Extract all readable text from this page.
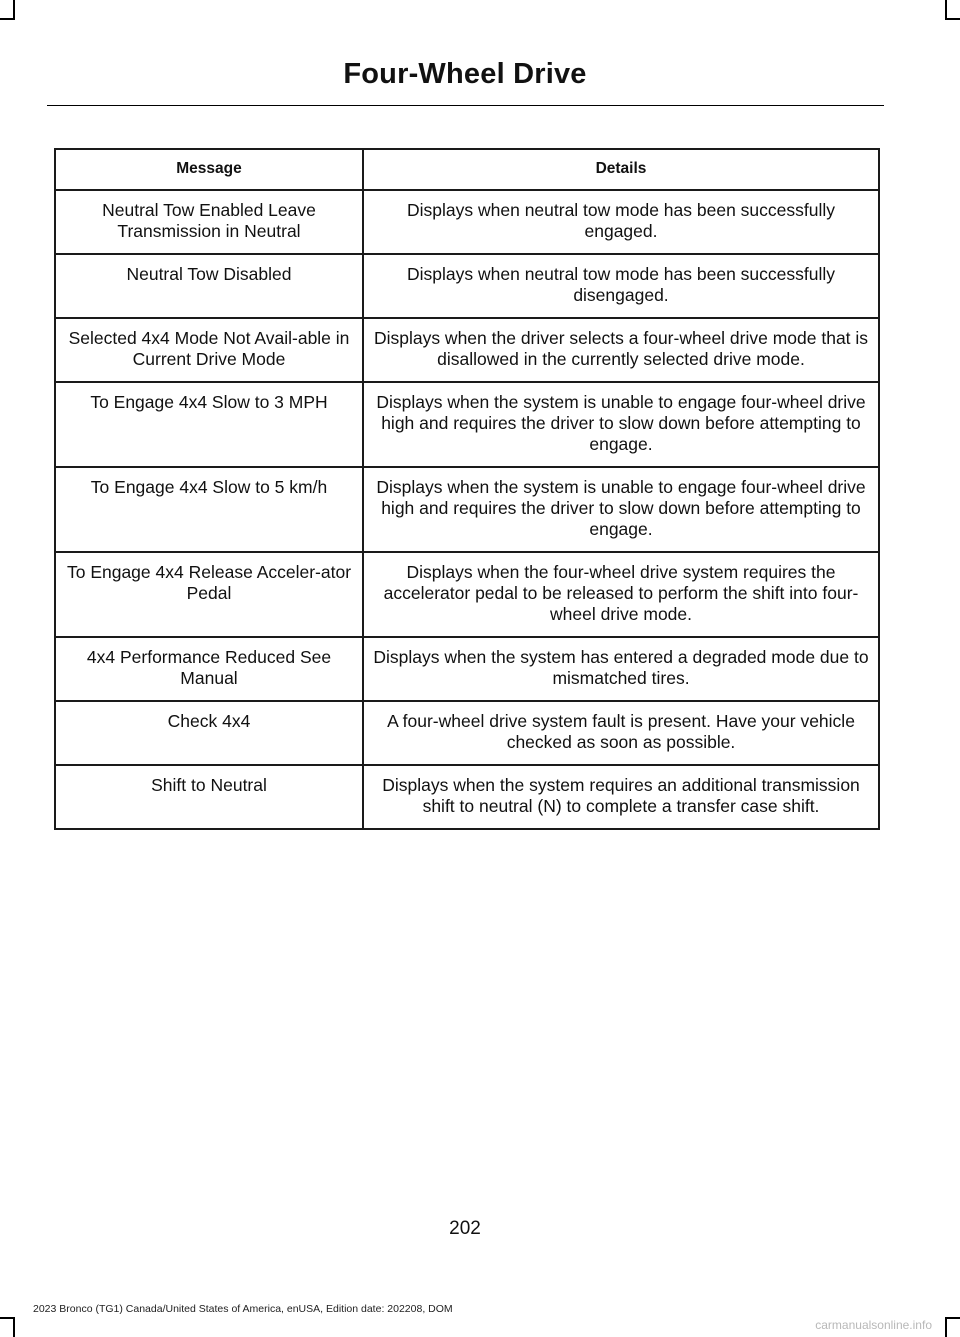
Four-Wheel Drive
Message	Details
Neutral Tow Enabled Leave Transmission in Neutral	Displays when neutral tow mode has been successfully engaged.
Neutral Tow Disabled	Displays when neutral tow mode has been successfully disengaged.
Selected 4x4 Mode Not Avail-able in Current Drive Mode	Displays when the driver selects a four-wheel drive mode that is disallowed in the currently selected drive mode.
To Engage 4x4 Slow to 3 MPH	Displays when the system is unable to engage four-wheel drive high and requires the driver to slow down before attempting to engage.
To Engage 4x4 Slow to 5 km/h	Displays when the system is unable to engage four-wheel drive high and requires the driver to slow down before attempting to engage.
To Engage 4x4 Release Acceler-ator Pedal	Displays when the four-wheel drive system requires the accelerator pedal to be released to perform the shift into four-wheel drive mode.
4x4 Performance Reduced See Manual	Displays when the system has entered a degraded mode due to mismatched tires.
Check 4x4	A four-wheel drive system fault is present. Have your vehicle checked as soon as possible.
Shift to Neutral	Displays when the system requires an additional transmission shift to neutral (N) to complete a transfer case shift.
202
2023 Bronco (TG1) Canada/United States of America, enUSA, Edition date: 202208, DOM
carmanualsonline.info
